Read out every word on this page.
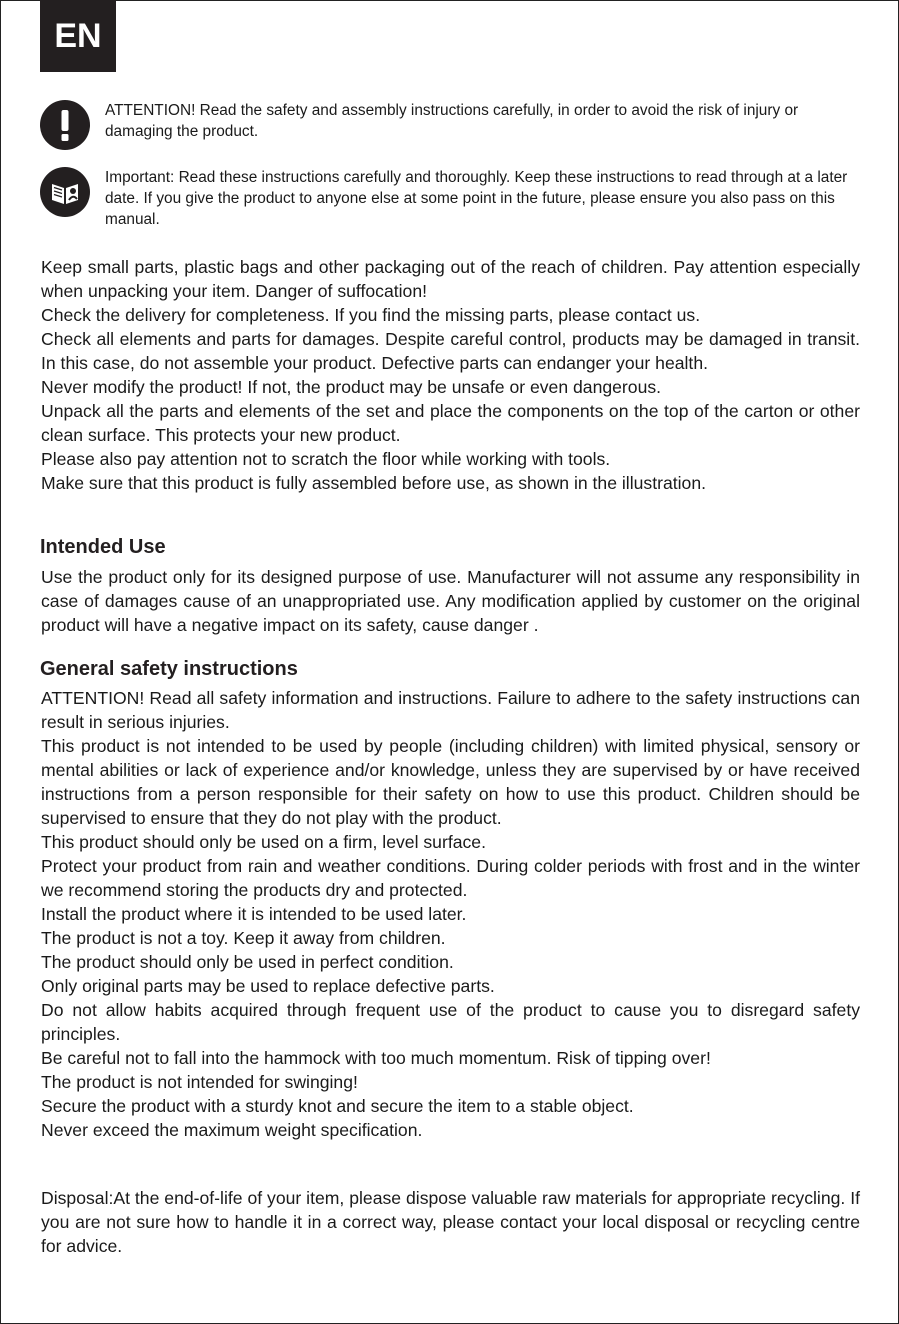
EN
ATTENTION! Read the safety and assembly instructions carefully, in order to avoid the risk of injury or damaging the product.
Important: Read these instructions carefully and thoroughly. Keep these instructions to read through at a later date. If you give the product to anyone else at some point in the future, please ensure you also pass on this manual.

Keep small parts, plastic bags and other packaging out of the reach of children. Pay attention especially when unpacking your item. Danger of suffocation!

Check the delivery for completeness. If you find the missing parts, please contact us.

Check all elements and parts for damages. Despite careful control, products may be damaged in transit. In this case, do not assemble your product. Defective parts can endanger your health.

Never modify the product! If not, the product may be unsafe or even dangerous.

Unpack all the parts and elements of the set and place the components on the top of the carton or other clean surface. This protects your new product.

Please also pay attention not to scratch the floor while working with tools.

Make sure that this product is fully assembled before use, as shown in the illustration.

Intended Use

Use the product only for its designed purpose of use. Manufacturer will not assume any responsibility in case of damages cause of an unappropriated use. Any modification applied by customer on the original product will have a negative impact on its safety, cause danger .

General safety instructions

ATTENTION! Read all safety information and instructions. Failure to adhere to the safety instructions can result in serious injuries.

This product is not intended to be used by people (including children) with limited physical, sensory or mental abilities or lack of experience and/or knowledge, unless they are supervised by or have received instructions from a person responsible for their safety on how to use this product. Children should be supervised to ensure that they do not play with the product.

This product should only be used on a firm, level surface.

Protect your product from rain and weather conditions. During colder periods with frost and in the winter we recommend storing the products dry and protected.

Install the product where it is intended to be used later.

The product is not a toy. Keep it away from children.

The product should only be used in perfect condition.

Only original parts may be used to replace defective parts.

Do not allow habits acquired through frequent use of the product to cause you to disregard safety principles.

Be careful not to fall into the hammock with too much momentum. Risk of tipping over!

The product is not intended for swinging!

Secure the product with a sturdy knot and secure the item to a stable object.

Never exceed the maximum weight specification.

Disposal:At the end-of-life of your item, please dispose valuable raw materials for appropriate recycling. If you are not sure how to handle it in a correct way, please contact your local disposal or recycling centre for advice.
